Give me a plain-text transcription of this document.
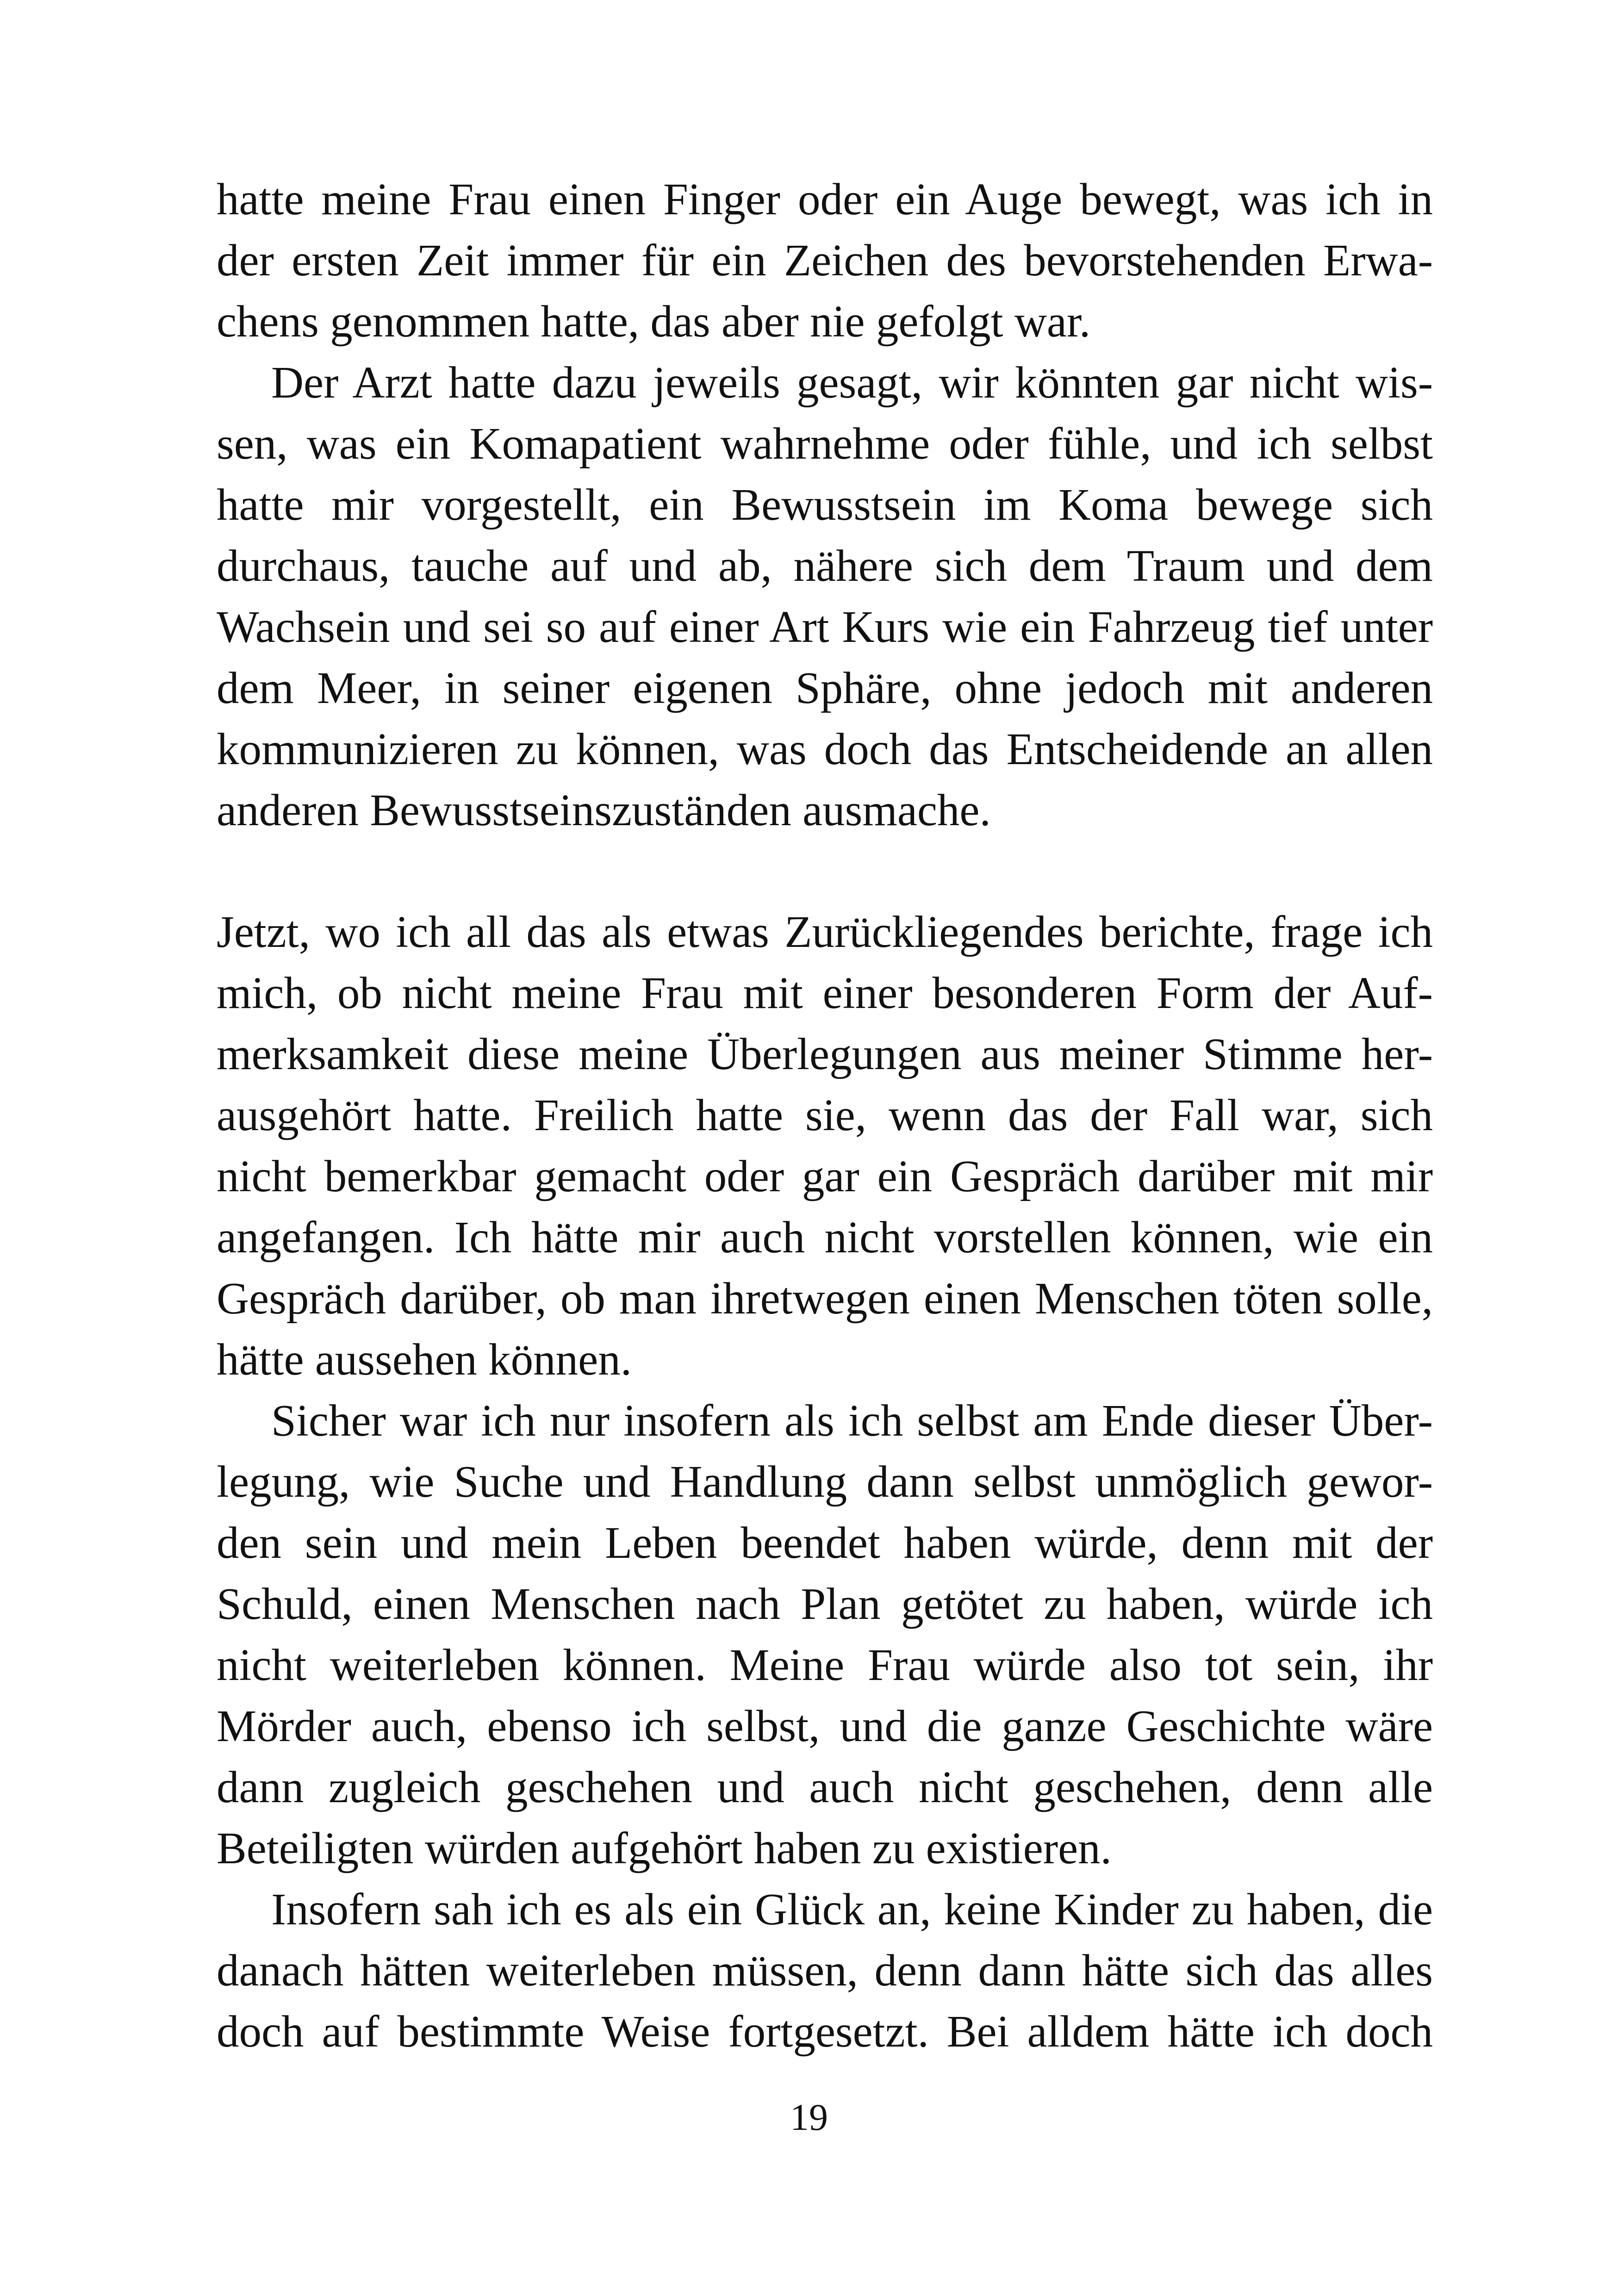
hatte meine Frau einen Finger oder ein Auge bewegt, was ich in
der ersten Zeit immer für ein Zeichen des bevorstehenden Erwa-
chens genommen hatte, das aber nie gefolgt war.
Der Arzt hatte dazu jeweils gesagt, wir könnten gar nicht wis-
sen, was ein Komapatient wahrnehme oder fühle, und ich selbst
hatte mir vorgestellt, ein Bewusstsein im Koma bewege sich
durchaus, tauche auf und ab, nähere sich dem Traum und dem
Wachsein und sei so auf einer Art Kurs wie ein Fahrzeug tief unter
dem Meer, in seiner eigenen Sphäre, ohne jedoch mit anderen
kommunizieren zu können, was doch das Entscheidende an allen
anderen Bewusstseinszuständen ausmache.
Jetzt, wo ich all das als etwas Zurückliegendes berichte, frage ich
mich, ob nicht meine Frau mit einer besonderen Form der Auf-
merksamkeit diese meine Überlegungen aus meiner Stimme her-
ausgehört hatte. Freilich hatte sie, wenn das der Fall war, sich
nicht bemerkbar gemacht oder gar ein Gespräch darüber mit mir
angefangen. Ich hätte mir auch nicht vorstellen können, wie ein
Gespräch darüber, ob man ihretwegen einen Menschen töten solle,
hätte aussehen können.
Sicher war ich nur insofern als ich selbst am Ende dieser Über-
legung, wie Suche und Handlung dann selbst unmöglich gewor-
den sein und mein Leben beendet haben würde, denn mit der
Schuld, einen Menschen nach Plan getötet zu haben, würde ich
nicht weiterleben können. Meine Frau würde also tot sein, ihr
Mörder auch, ebenso ich selbst, und die ganze Geschichte wäre
dann zugleich geschehen und auch nicht geschehen, denn alle
Beteiligten würden aufgehört haben zu existieren.
Insofern sah ich es als ein Glück an, keine Kinder zu haben, die
danach hätten weiterleben müssen, denn dann hätte sich das alles
doch auf bestimmte Weise fortgesetzt. Bei alldem hätte ich doch
19
